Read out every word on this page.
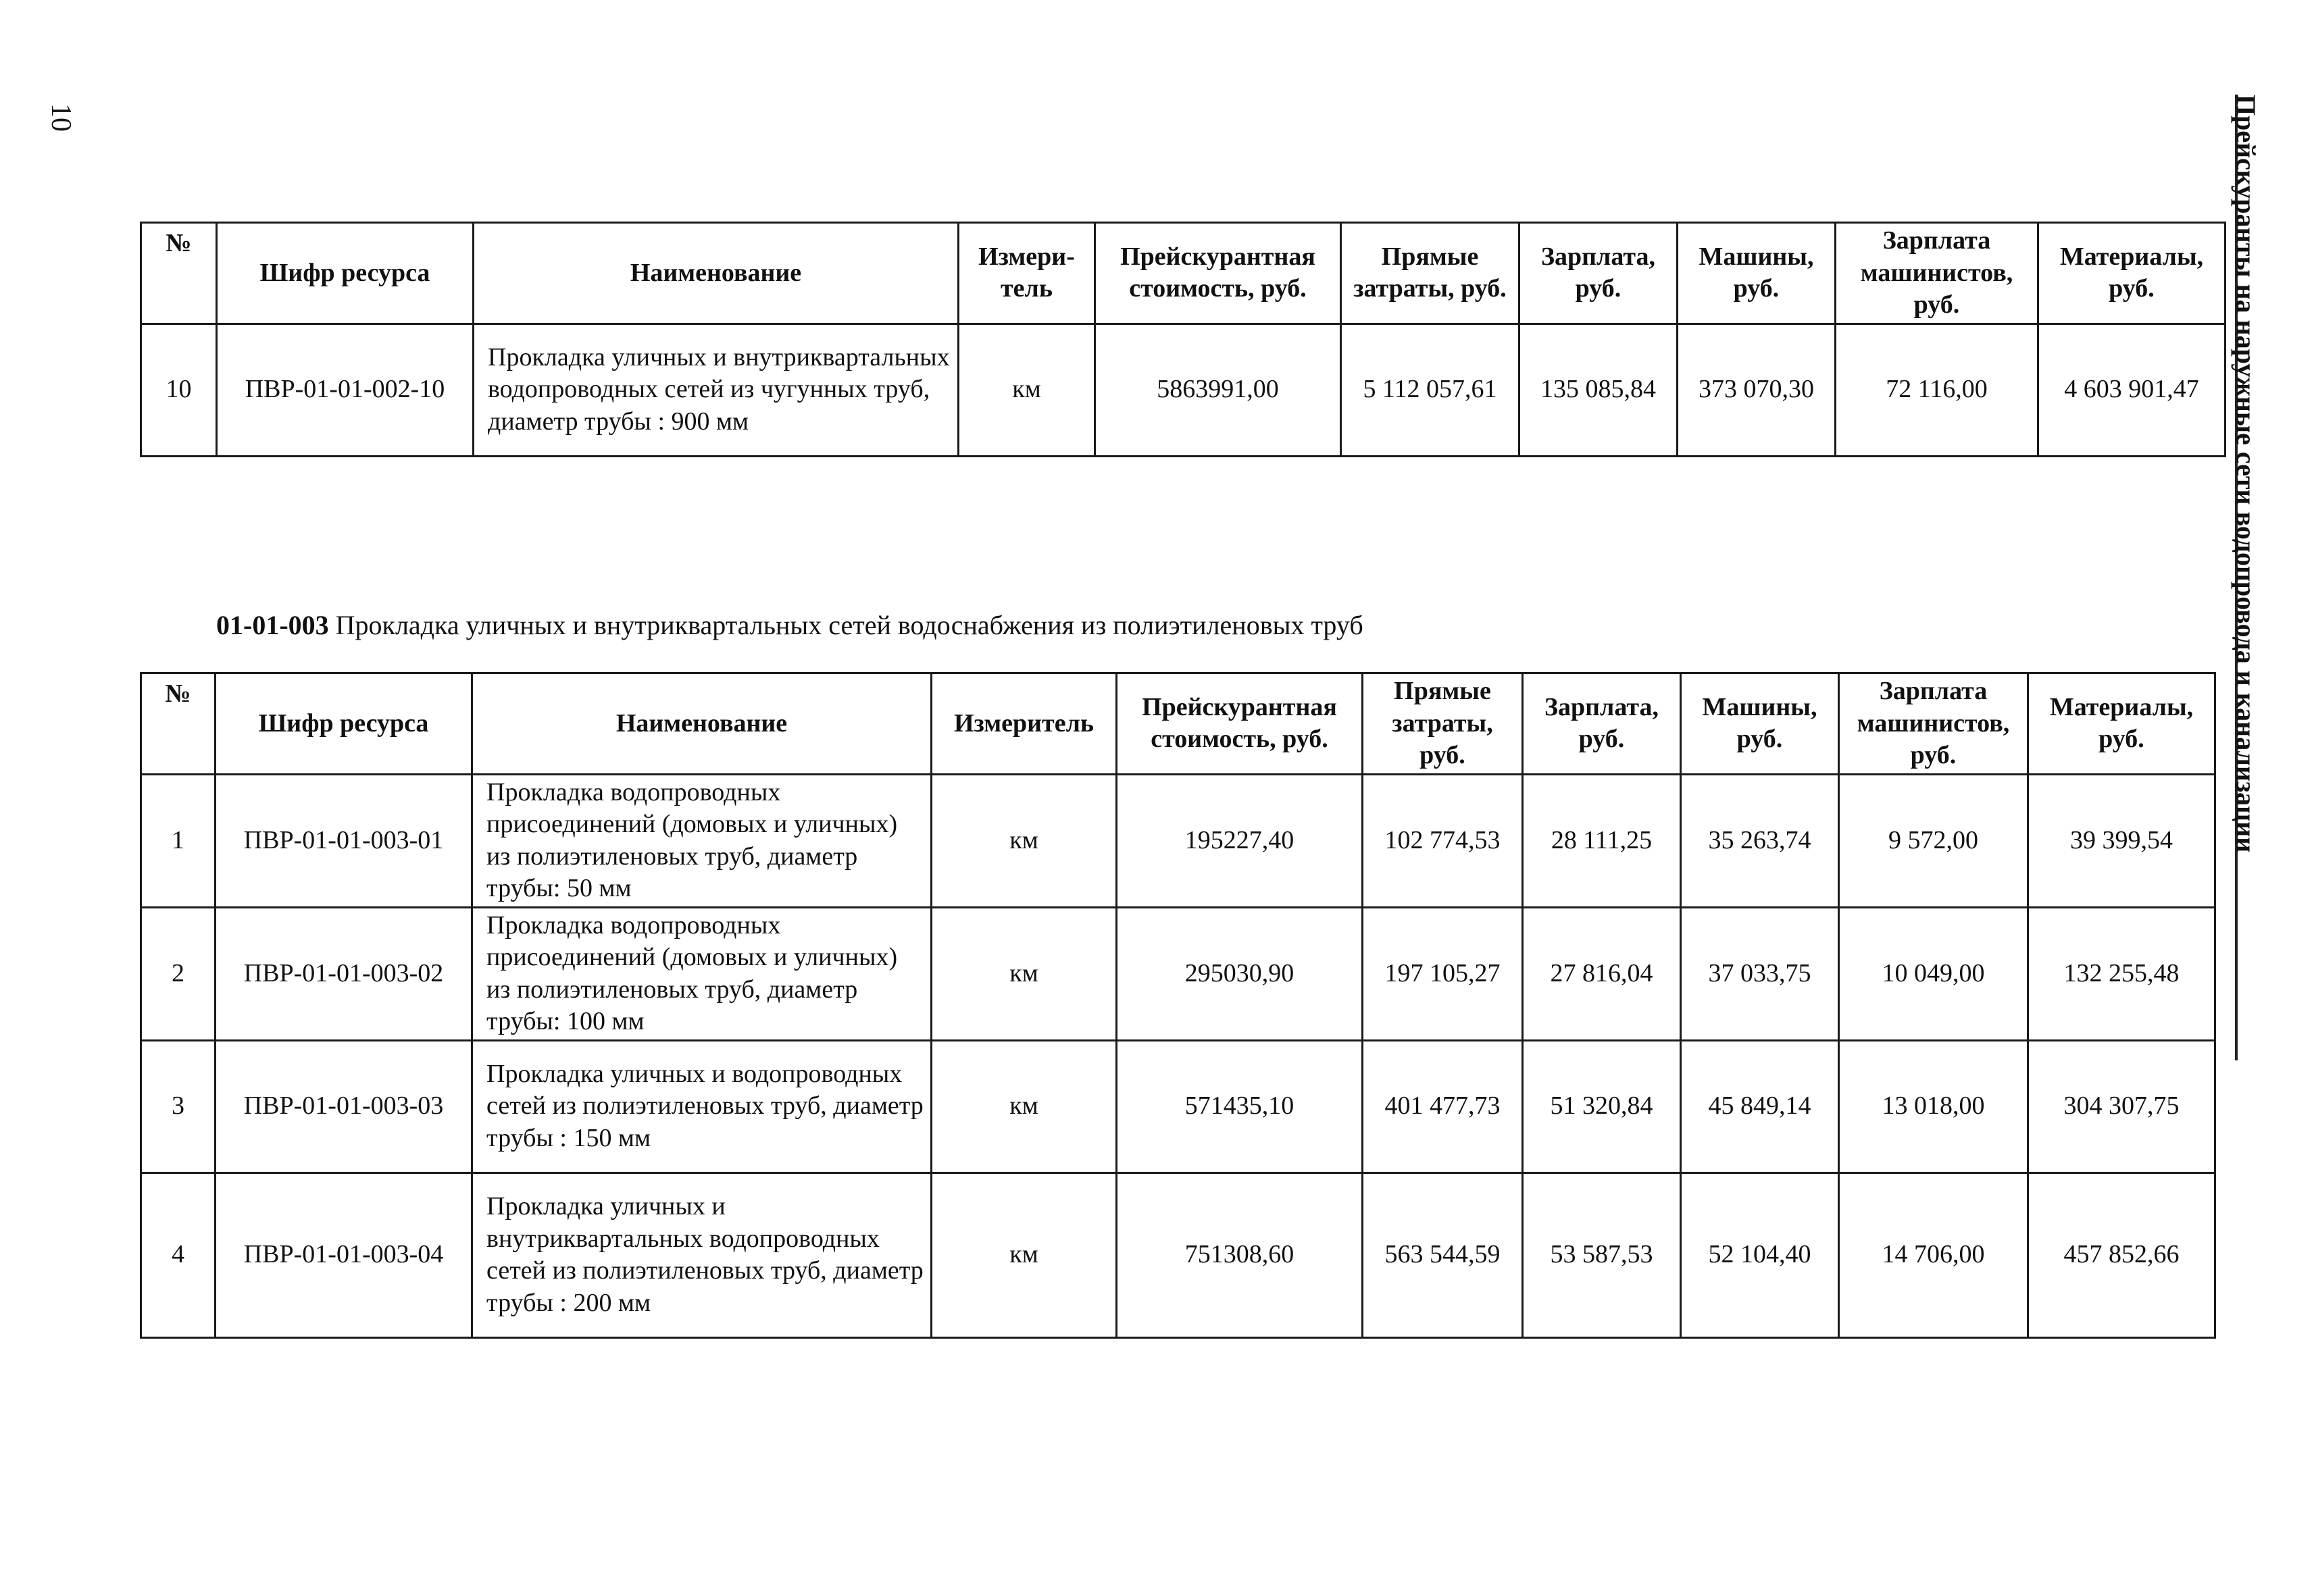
10	Прейскуранты на наружные сети водопровода и канализации
№	Шифр ресурса	Наименование	Измери-тель	Прейскурантная стоимость, руб.	Прямые затраты, руб.	Зарплата, руб.	Машины, руб.	Зарплата машинистов, руб.	Материалы, руб.
10	ПВР-01-01-002-10	Прокладка уличных и внутриквартальных водопроводных сетей из чугунных труб, диаметр трубы : 900 мм	км	5863991,00	5 112 057,61	135 085,84	373 070,30	72 116,00	4 603 901,47
01-01-003 Прокладка уличных и внутриквартальных сетей водоснабжения из полиэтиленовых труб
№	Шифр ресурса	Наименование	Измеритель	Прейскурантная стоимость, руб.	Прямые затраты, руб.	Зарплата, руб.	Машины, руб.	Зарплата машинистов, руб.	Материалы, руб.
1	ПВР-01-01-003-01	Прокладка водопроводных присоединений (домовых и уличных) из полиэтиленовых труб, диаметр трубы: 50 мм	км	195227,40	102 774,53	28 111,25	35 263,74	9 572,00	39 399,54
2	ПВР-01-01-003-02	Прокладка водопроводных присоединений (домовых и уличных) из полиэтиленовых труб, диаметр трубы: 100 мм	км	295030,90	197 105,27	27 816,04	37 033,75	10 049,00	132 255,48
3	ПВР-01-01-003-03	Прокладка уличных и водопроводных сетей из полиэтиленовых труб, диаметр трубы : 150 мм	км	571435,10	401 477,73	51 320,84	45 849,14	13 018,00	304 307,75
4	ПВР-01-01-003-04	Прокладка уличных и внутриквартальных водопроводных сетей из полиэтиленовых труб, диаметр трубы : 200 мм	км	751308,60	563 544,59	53 587,53	52 104,40	14 706,00	457 852,66
